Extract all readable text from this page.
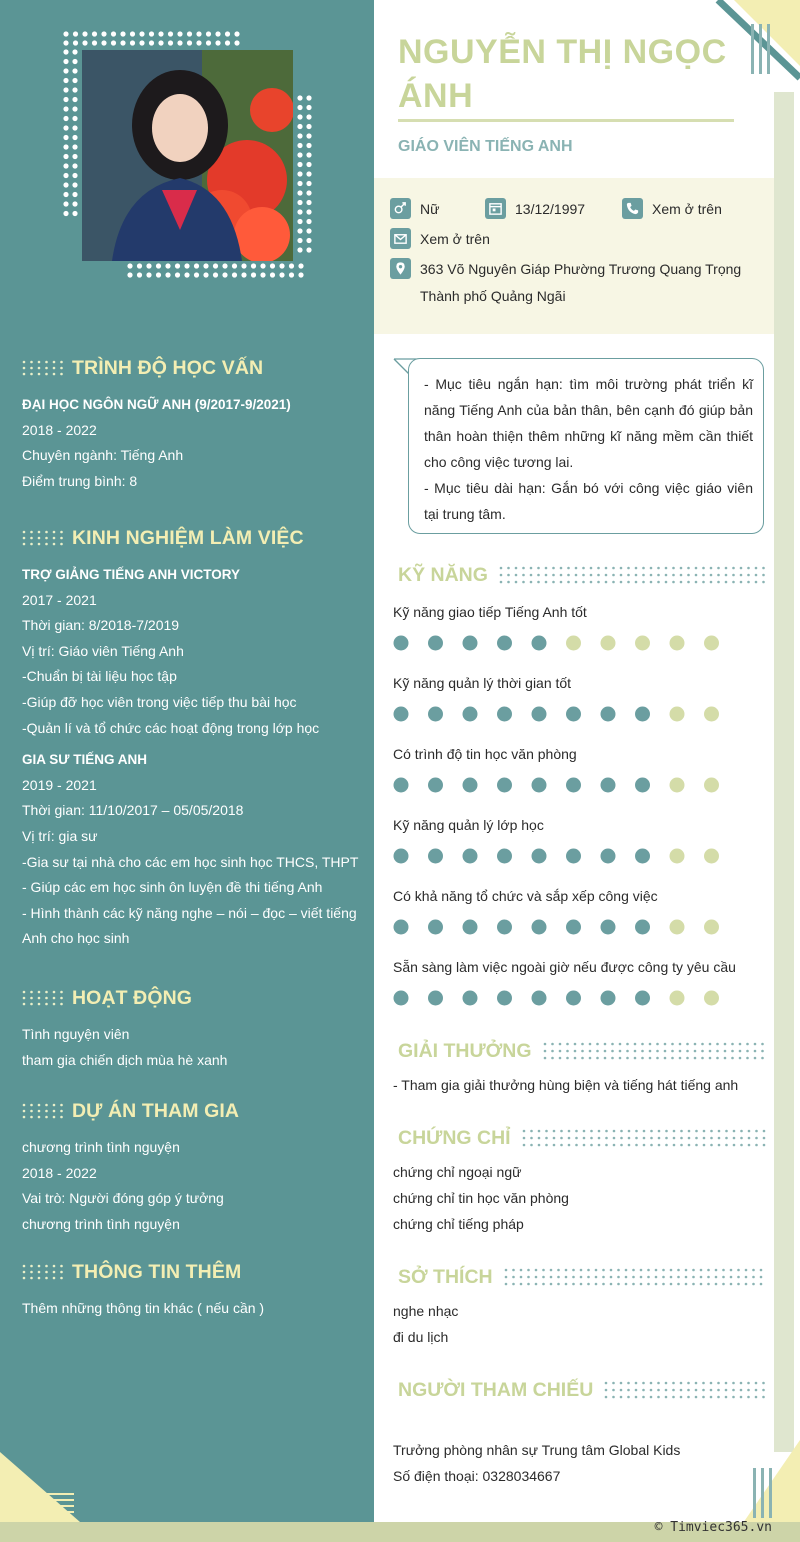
TRÌNH ĐỘ HỌC VẤN
ĐẠI HỌC NGÔN NGỮ ANH (9/2017-9/2021)
2018 - 2022
Chuyên ngành: Tiếng Anh
Điểm trung bình: 8
KINH NGHIỆM LÀM VIỆC
TRỢ GIẢNG TIẾNG ANH VICTORY
2017 - 2021
Thời gian: 8/2018-7/2019
Vị trí: Giáo viên Tiếng Anh
-Chuẩn bị tài liệu học tập
-Giúp đỡ học viên trong việc tiếp thu bài học
-Quản lí và tổ chức các hoạt động trong lớp học
GIA SƯ TIẾNG ANH
2019 - 2021
Thời gian: 11/10/2017 – 05/05/2018
Vị trí: gia sư
-Gia sư tại nhà cho các em học sinh học THCS, THPT
- Giúp các em học sinh ôn luyện đề thi tiếng Anh
- Hình thành các kỹ năng nghe – nói – đọc – viết tiếng
Anh cho học sinh
HOẠT ĐỘNG
Tình nguyện viên
tham gia chiến dịch mùa hè xanh
DỰ ÁN THAM GIA
chương trình tình nguyện
2018 - 2022
Vai trò: Người đóng góp ý tưởng
chương trình tình nguyện
THÔNG TIN THÊM
Thêm những thông tin khác ( nếu cần )
NGUYỄN THỊ NGỌC ÁNH
GIÁO VIÊN TIẾNG ANH
Nữ	13/12/1997	Xem ở trên
Xem ở trên
363 Võ Nguyên Giáp Phường Trương Quang Trọng
Thành phố Quảng Ngãi
- Mục tiêu ngắn hạn: tìm môi trường phát triển kĩ năng Tiếng Anh của bản thân, bên cạnh đó giúp bản thân hoàn thiện thêm những kĩ năng mềm cần thiết cho công việc tương lai.
- Mục tiêu dài hạn: Gắn bó với công việc giáo viên tại trung tâm.
KỸ NĂNG
Kỹ năng giao tiếp Tiếng Anh tốt
Kỹ năng quản lý thời gian tốt
Có trình độ tin học văn phòng
Kỹ năng quản lý lớp học
Có khả năng tổ chức và sắp xếp công việc
Sẵn sàng làm việc ngoài giờ nếu được công ty yêu cầu
GIẢI THƯỞNG
- Tham gia giải thưởng hùng biện và tiếng hát tiếng anh
CHỨNG CHỈ
chứng chỉ ngoại ngữ
chứng chỉ tin học văn phòng
chứng chỉ tiếng pháp
SỞ THÍCH
nghe nhạc
đi du lịch
NGƯỜI THAM CHIẾU
Trưởng phòng nhân sự Trung tâm Global Kids
Số điện thoại: 0328034667
© Timviec365.vn
